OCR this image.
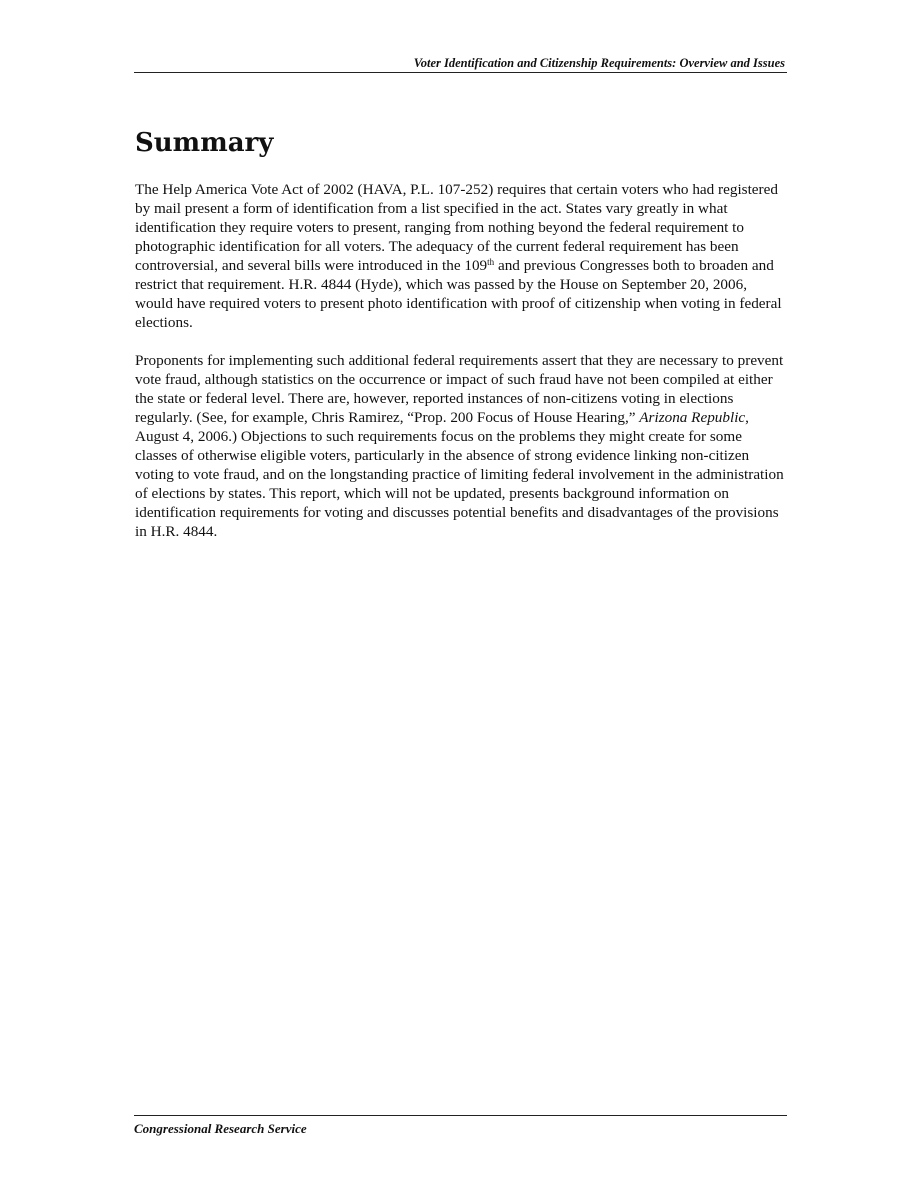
Voter Identification and Citizenship Requirements: Overview and Issues
Summary

The Help America Vote Act of 2002 (HAVA, P.L. 107-252) requires that certain voters who had registered by mail present a form of identification from a list specified in the act. States vary greatly in what identification they require voters to present, ranging from nothing beyond the federal requirement to photographic identification for all voters. The adequacy of the current federal requirement has been controversial, and several bills were introduced in the 109th and previous Congresses both to broaden and restrict that requirement. H.R. 4844 (Hyde), which was passed by the House on September 20, 2006, would have required voters to present photo identification with proof of citizenship when voting in federal elections.

Proponents for implementing such additional federal requirements assert that they are necessary to prevent vote fraud, although statistics on the occurrence or impact of such fraud have not been compiled at either the state or federal level. There are, however, reported instances of non-citizens voting in elections regularly. (See, for example, Chris Ramirez, “Prop. 200 Focus of House Hearing,” Arizona Republic, August 4, 2006.) Objections to such requirements focus on the problems they might create for some classes of otherwise eligible voters, particularly in the absence of strong evidence linking non-citizen voting to vote fraud, and on the longstanding practice of limiting federal involvement in the administration of elections by states. This report, which will not be updated, presents background information on identification requirements for voting and discusses potential benefits and disadvantages of the provisions in H.R. 4844.

Congressional Research Service
